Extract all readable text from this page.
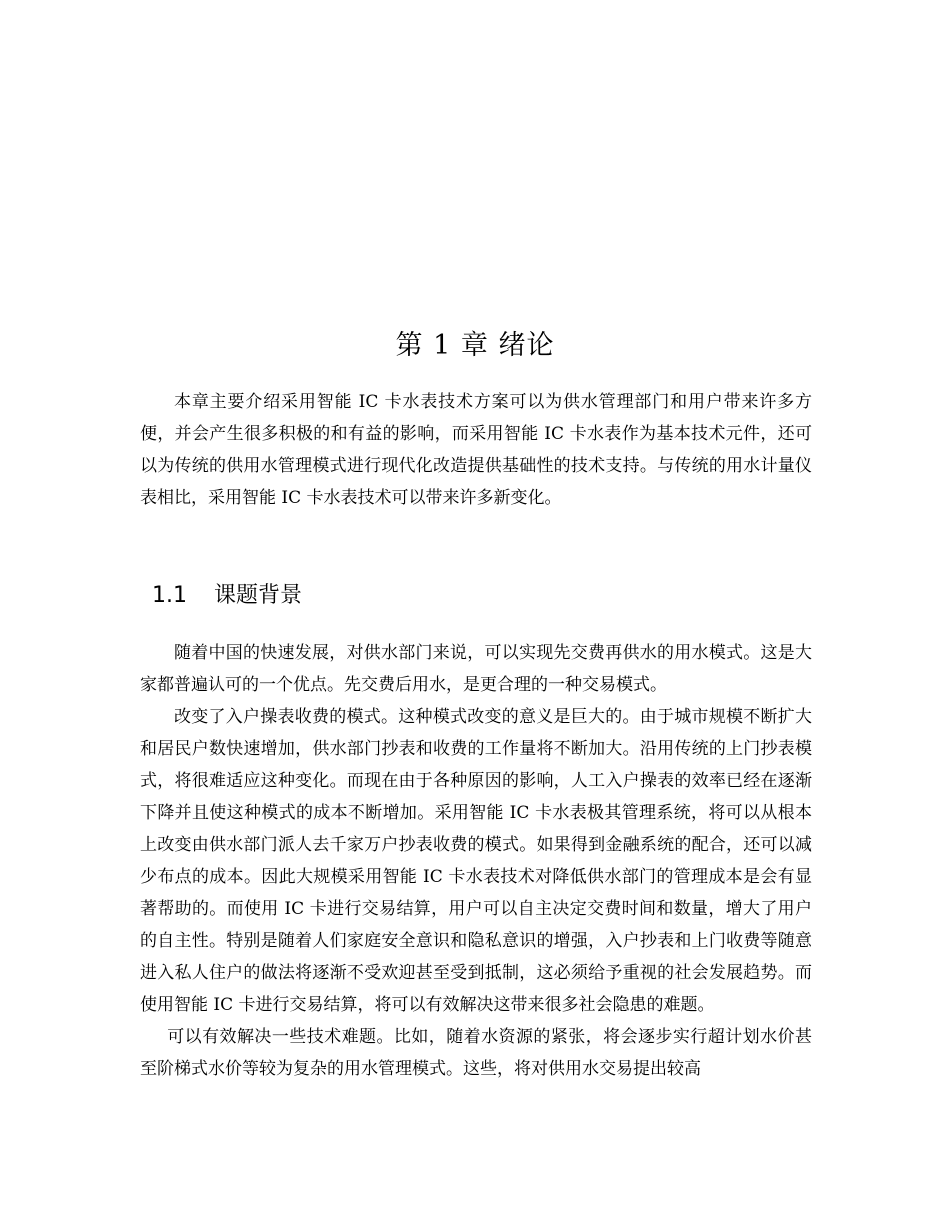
第 1 章 绪论

本章主要介绍采用智能 IC 卡水表技术方案可以为供水管理部门和用户带来许多方便，并会产生很多积极的和有益的影响，而采用智能 IC 卡水表作为基本技术元件，还可以为传统的供用水管理模式进行现代化改造提供基础性的技术支持。与传统的用水计量仪表相比，采用智能 IC 卡水表技术可以带来许多新变化。

1.1 课题背景

随着中国的快速发展，对供水部门来说，可以实现先交费再供水的用水模式。这是大家都普遍认可的一个优点。先交费后用水，是更合理的一种交易模式。

改变了入户操表收费的模式。这种模式改变的意义是巨大的。由于城市规模不断扩大和居民户数快速增加，供水部门抄表和收费的工作量将不断加大。沿用传统的上门抄表模式，将很难适应这种变化。而现在由于各种原因的影响，人工入户操表的效率已经在逐渐下降并且使这种模式的成本不断增加。采用智能 IC 卡水表极其管理系统，将可以从根本上改变由供水部门派人去千家万户抄表收费的模式。如果得到金融系统的配合，还可以减少布点的成本。因此大规模采用智能 IC 卡水表技术对降低供水部门的管理成本是会有显著帮助的。而使用 IC 卡进行交易结算，用户可以自主决定交费时间和数量，增大了用户的自主性。特别是随着人们家庭安全意识和隐私意识的增强，入户抄表和上门收费等随意进入私人住户的做法将逐渐不受欢迎甚至受到抵制，这必须给予重视的社会发展趋势。而使用智能 IC 卡进行交易结算，将可以有效解决这带来很多社会隐患的难题。

可以有效解决一些技术难题。比如，随着水资源的紧张，将会逐步实行超计划水价甚至阶梯式水价等较为复杂的用水管理模式。这些，将对供用水交易提出较高
